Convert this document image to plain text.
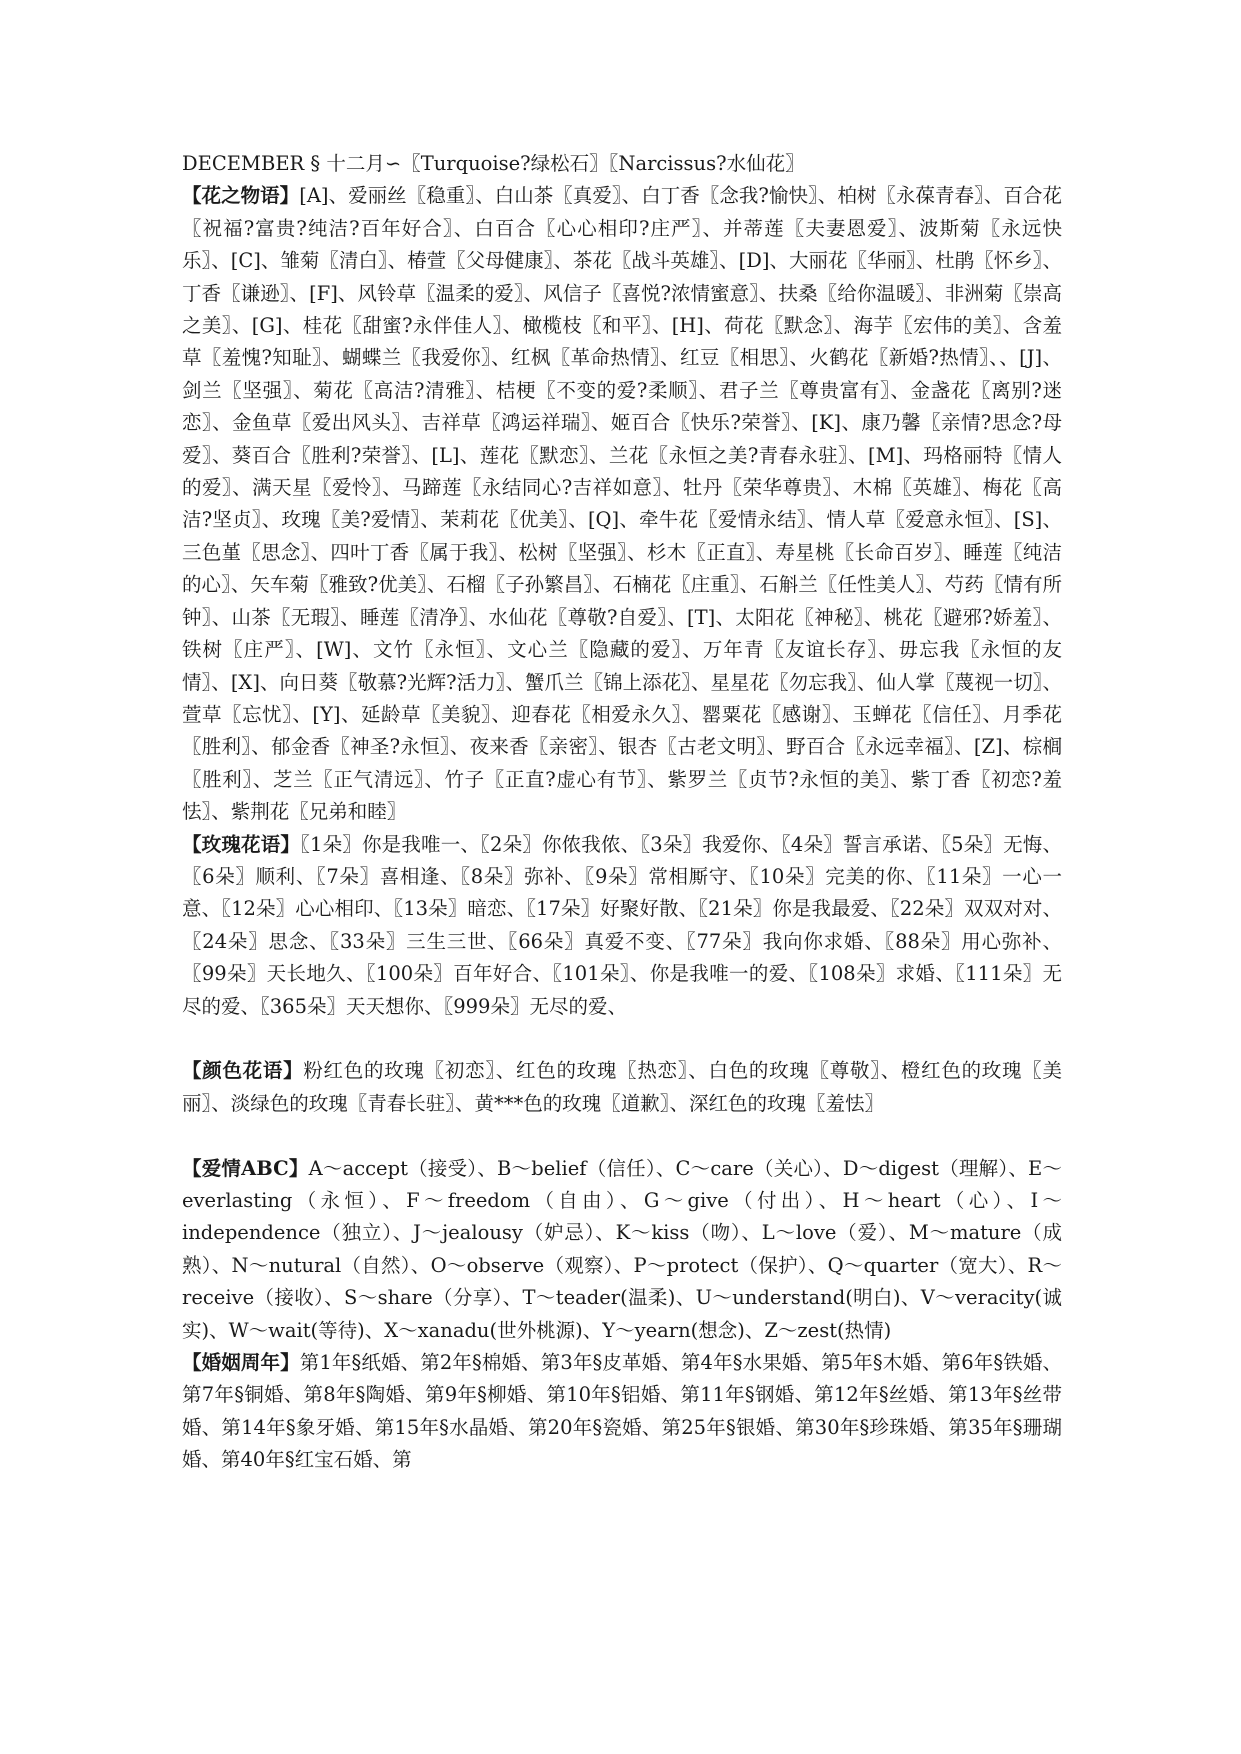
DECEMBER § 十二月∽〖Turquoise?绿松石〗〖Narcissus?水仙花〗

【花之物语】[A]、爱丽丝〖稳重〗、白山茶〖真爱〗、白丁香〖念我?愉快〗、柏树〖永葆青春〗、百合花〖祝福?富贵?纯洁?百年好合〗、白百合〖心心相印?庄严〗、并蒂莲〖夫妻恩爱〗、波斯菊〖永远快乐〗、[C]、雏菊〖清白〗、椿萱〖父母健康〗、茶花〖战斗英雄〗、[D]、大丽花〖华丽〗、杜鹃〖怀乡〗、丁香〖谦逊〗、[F]、风铃草〖温柔的爱〗、风信子〖喜悦?浓情蜜意〗、扶桑〖给你温暖〗、非洲菊〖崇高之美〗、[G]、桂花〖甜蜜?永伴佳人〗、橄榄枝〖和平〗、[H]、荷花〖默念〗、海芋〖宏伟的美〗、含羞草〖羞愧?知耻〗、蝴蝶兰〖我爱你〗、红枫〖革命热情〗、红豆〖相思〗、火鹤花〖新婚?热情〗、、[J]、剑兰〖坚强〗、菊花〖高洁?清雅〗、桔梗〖不变的爱?柔顺〗、君子兰〖尊贵富有〗、金盏花〖离别?迷恋〗、金鱼草〖爱出风头〗、吉祥草〖鸿运祥瑞〗、姬百合〖快乐?荣誉〗、[K]、康乃馨〖亲情?思念?母爱〗、葵百合〖胜利?荣誉〗、[L]、莲花〖默恋〗、兰花〖永恒之美?青春永驻〗、[M]、玛格丽特〖情人的爱〗、满天星〖爱怜〗、马蹄莲〖永结同心?吉祥如意〗、牡丹〖荣华尊贵〗、木棉〖英雄〗、梅花〖高洁?坚贞〗、玫瑰〖美?爱情〗、茉莉花〖优美〗、[Q]、牵牛花〖爱情永结〗、情人草〖爱意永恒〗、[S]、三色堇〖思念〗、四叶丁香〖属于我〗、松树〖坚强〗、杉木〖正直〗、寿星桃〖长命百岁〗、睡莲〖纯洁的心〗、矢车菊〖雅致?优美〗、石榴〖子孙繁昌〗、石楠花〖庄重〗、石斛兰〖任性美人〗、芍药〖情有所钟〗、山茶〖无瑕〗、睡莲〖清净〗、水仙花〖尊敬?自爱〗、[T]、太阳花〖神秘〗、桃花〖避邪?娇羞〗、铁树〖庄严〗、[W]、文竹〖永恒〗、文心兰〖隐藏的爱〗、万年青〖友谊长存〗、毋忘我〖永恒的友情〗、[X]、向日葵〖敬慕?光辉?活力〗、蟹爪兰〖锦上添花〗、星星花〖勿忘我〗、仙人掌〖蔑视一切〗、萱草〖忘忧〗、[Y]、延龄草〖美貌〗、迎春花〖相爱永久〗、罂粟花〖感谢〗、玉蝉花〖信任〗、月季花〖胜利〗、郁金香〖神圣?永恒〗、夜来香〖亲密〗、银杏〖古老文明〗、野百合〖永远幸福〗、[Z]、棕榈〖胜利〗、芝兰〖正气清远〗、竹子〖正直?虚心有节〗、紫罗兰〖贞节?永恒的美〗、紫丁香〖初恋?羞怯〗、紫荆花〖兄弟和睦〗

【玫瑰花语】〖1朵〗你是我唯一、〖2朵〗你侬我侬、〖3朵〗我爱你、〖4朵〗誓言承诺、〖5朵〗无悔、〖6朵〗顺利、〖7朵〗喜相逢、〖8朵〗弥补、〖9朵〗常相厮守、〖10朵〗完美的你、〖11朵〗一心一意、〖12朵〗心心相印、〖13朵〗暗恋、〖17朵〗好聚好散、〖21朵〗你是我最爱、〖22朵〗双双对对、〖24朵〗思念、〖33朵〗三生三世、〖66朵〗真爱不变、〖77朵〗我向你求婚、〖88朵〗用心弥补、〖99朵〗天长地久、〖100朵〗百年好合、〖101朵〗、你是我唯一的爱、〖108朵〗求婚、〖111朵〗无尽的爱、〖365朵〗天天想你、〖999朵〗无尽的爱、

【颜色花语】粉红色的玫瑰〖初恋〗、红色的玫瑰〖热恋〗、白色的玫瑰〖尊敬〗、橙红色的玫瑰〖美丽〗、淡绿色的玫瑰〖青春长驻〗、黄***色的玫瑰〖道歉〗、深红色的玫瑰〖羞怯〗

【爱情ABC】A～accept（接受）、B～belief（信任）、C～care（关心）、D～digest（理解）、E～everlasting（永恒）、F～freedom（自由）、G～give（付出）、H～heart（心）、I～independence（独立）、J～jealousy（妒忌）、K～kiss（吻）、L～love（爱）、M～mature（成熟）、N～nutural（自然）、O～observe（观察）、P～protect（保护）、Q～quarter（宽大）、R～receive（接收）、S～share（分享）、T～teader(温柔)、U～understand(明白)、V～veracity(诚实)、W～wait(等待)、X～xanadu(世外桃源)、Y～yearn(想念)、Z～zest(热情)

【婚姻周年】第1年§纸婚、第2年§棉婚、第3年§皮革婚、第4年§水果婚、第5年§木婚、第6年§铁婚、第7年§铜婚、第8年§陶婚、第9年§柳婚、第10年§铝婚、第11年§钢婚、第12年§丝婚、第13年§丝带婚、第14年§象牙婚、第15年§水晶婚、第20年§瓷婚、第25年§银婚、第30年§珍珠婚、第35年§珊瑚婚、第40年§红宝石婚、第
